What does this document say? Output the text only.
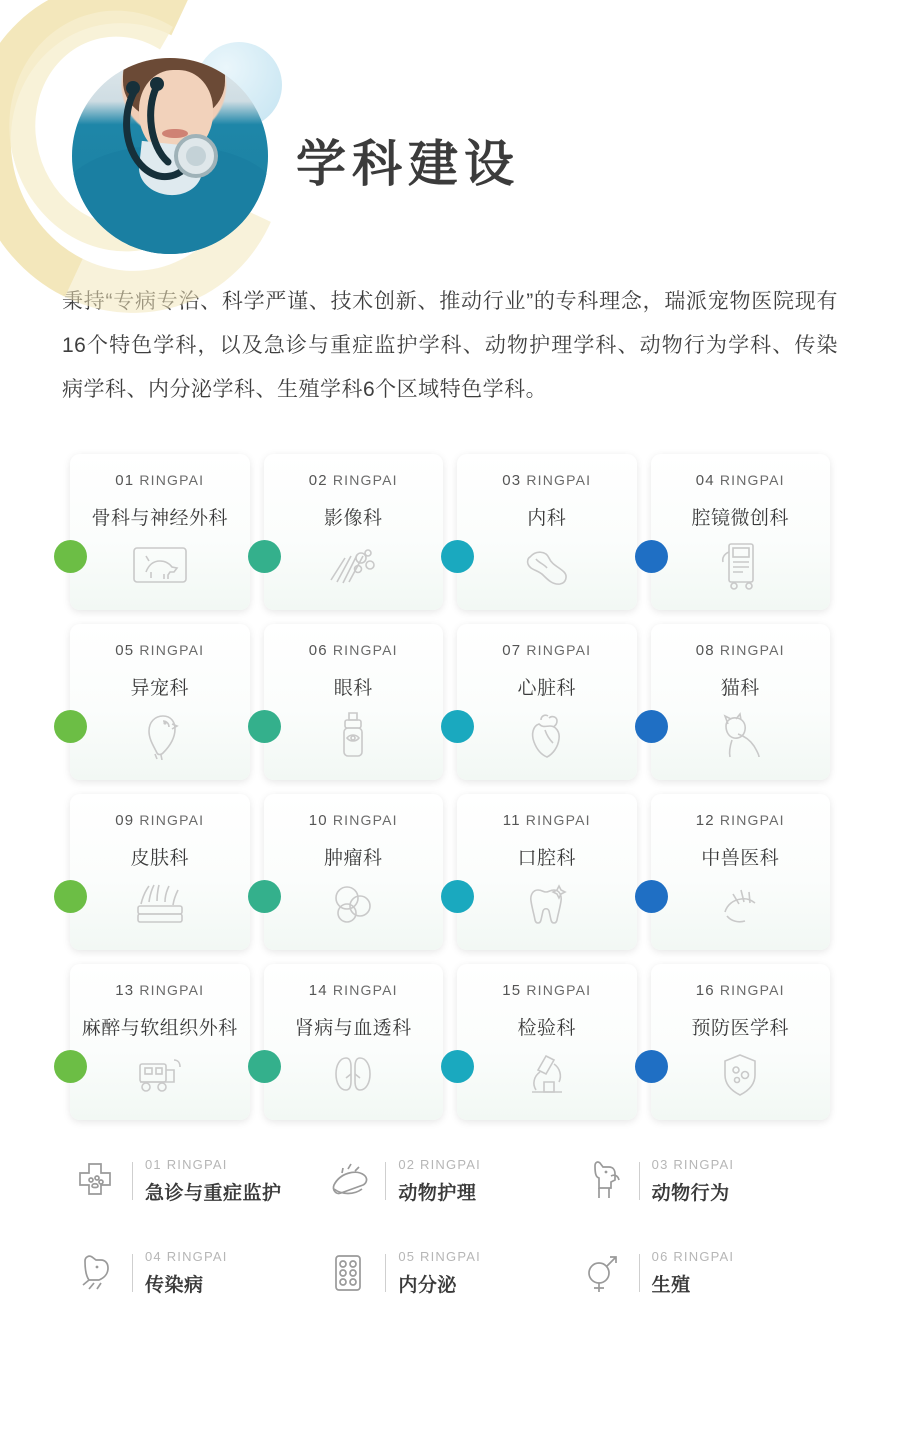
学科建设
秉持“专病专治、科学严谨、技术创新、推动行业”的专科理念，瑞派宠物医院现有16个特色学科，以及急诊与重症监护学科、动物护理学科、动物行为学科、传染病学科、内分泌学科、生殖学科6个区域特色学科。
01 RINGPAI
骨科与神经外科
02 RINGPAI
影像科
03 RINGPAI
内科
04 RINGPAI
腔镜微创科
05 RINGPAI
异宠科
06 RINGPAI
眼科
07 RINGPAI
心脏科
08 RINGPAI
猫科
09 RINGPAI
皮肤科
10 RINGPAI
肿瘤科
11 RINGPAI
口腔科
12 RINGPAI
中兽医科
13 RINGPAI
麻醉与软组织外科
14 RINGPAI
肾病与血透科
15 RINGPAI
检验科
16 RINGPAI
预防医学科
01 RINGPAI
急诊与重症监护
02 RINGPAI
动物护理
03 RINGPAI
动物行为
04 RINGPAI
传染病
05 RINGPAI
内分泌
06 RINGPAI
生殖
